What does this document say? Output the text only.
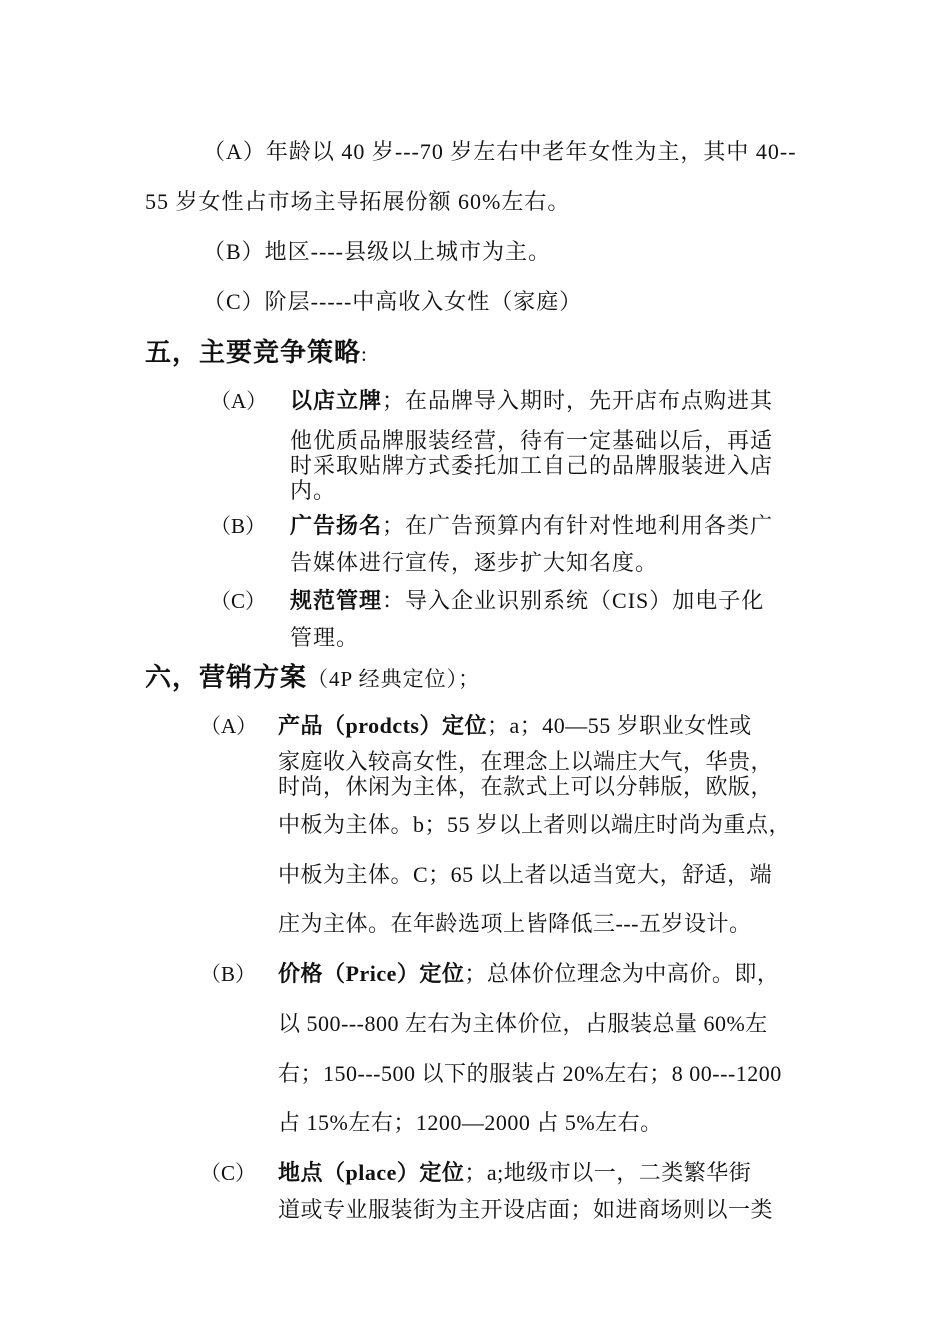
（A）年龄以 40 岁---70 岁左右中老年女性为主，其中 40--
55 岁女性占市场主导拓展份额 60%左右。
（B）地区----县级以上城市为主。
（C）阶层-----中高收入女性（家庭）
五，主要竞争策略:
（A） 以店立牌；在品牌导入期时，先开店布点购进其
他优质品牌服装经营，待有一定基础以后，再适
时采取贴牌方式委托加工自己的品牌服装进入店
内。
（B） 广告扬名；在广告预算内有针对性地利用各类广
告媒体进行宣传，逐步扩大知名度。
（C） 规范管理：导入企业识别系统（CIS）加电子化
管理。
六，营销方案（4P 经典定位）；
（A） 产品（prodcts）定位；a；40—55 岁职业女性或
家庭收入较高女性，在理念上以端庄大气，华贵，
时尚，休闲为主体，在款式上可以分韩版，欧版，
中板为主体。b；55 岁以上者则以端庄时尚为重点，
中板为主体。C；65 以上者以适当宽大，舒适，端
庄为主体。在年龄选项上皆降低三---五岁设计。
（B） 价格（Price）定位；总体价位理念为中高价。即，
以 500---800 左右为主体价位，占服装总量 60%左
右；150---500 以下的服装占 20%左右；8 00---1200
占 15%左右；1200—2000 占 5%左右。
（C） 地点（place）定位；a;地级市以一，二类繁华街
道或专业服装街为主开设店面；如进商场则以一类
